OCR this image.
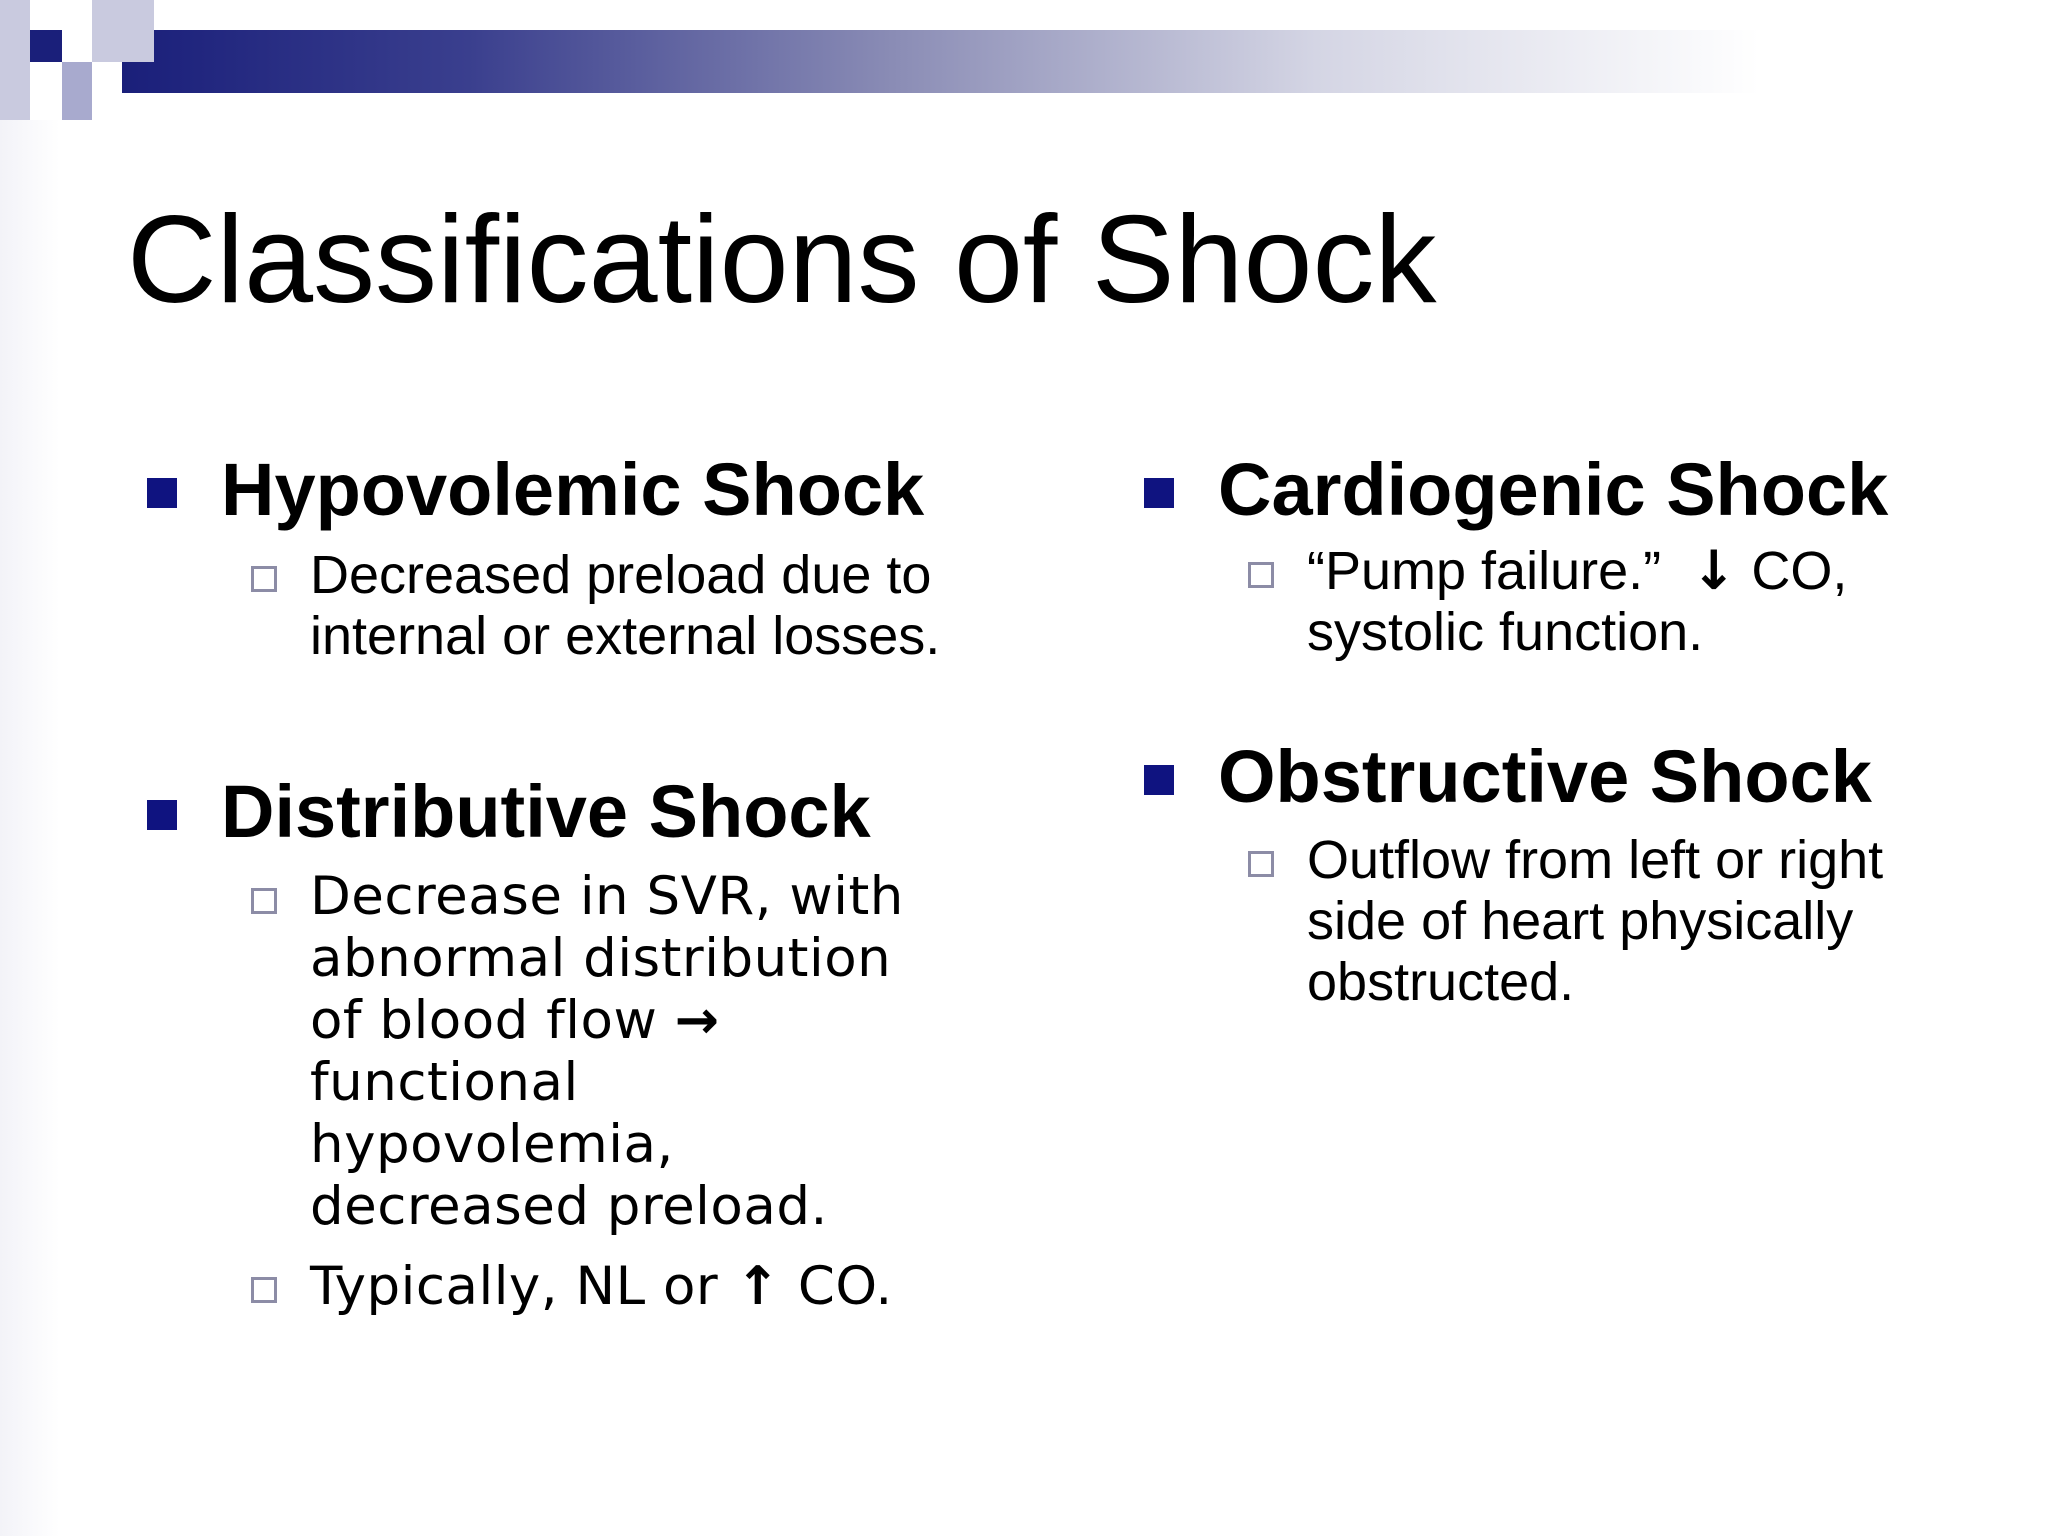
Classifications of Shock
Hypovolemic Shock
Decreased preload due to
internal or external losses.
Distributive Shock
Decrease in SVR, with
abnormal distribution
of blood flow →
functional
hypovolemia,
decreased preload.
Typically, NL or ↑ CO.
Cardiogenic Shock
“Pump failure.” ↓ CO,
systolic function.
Obstructive Shock
Outflow from left or right
side of heart physically
obstructed.
